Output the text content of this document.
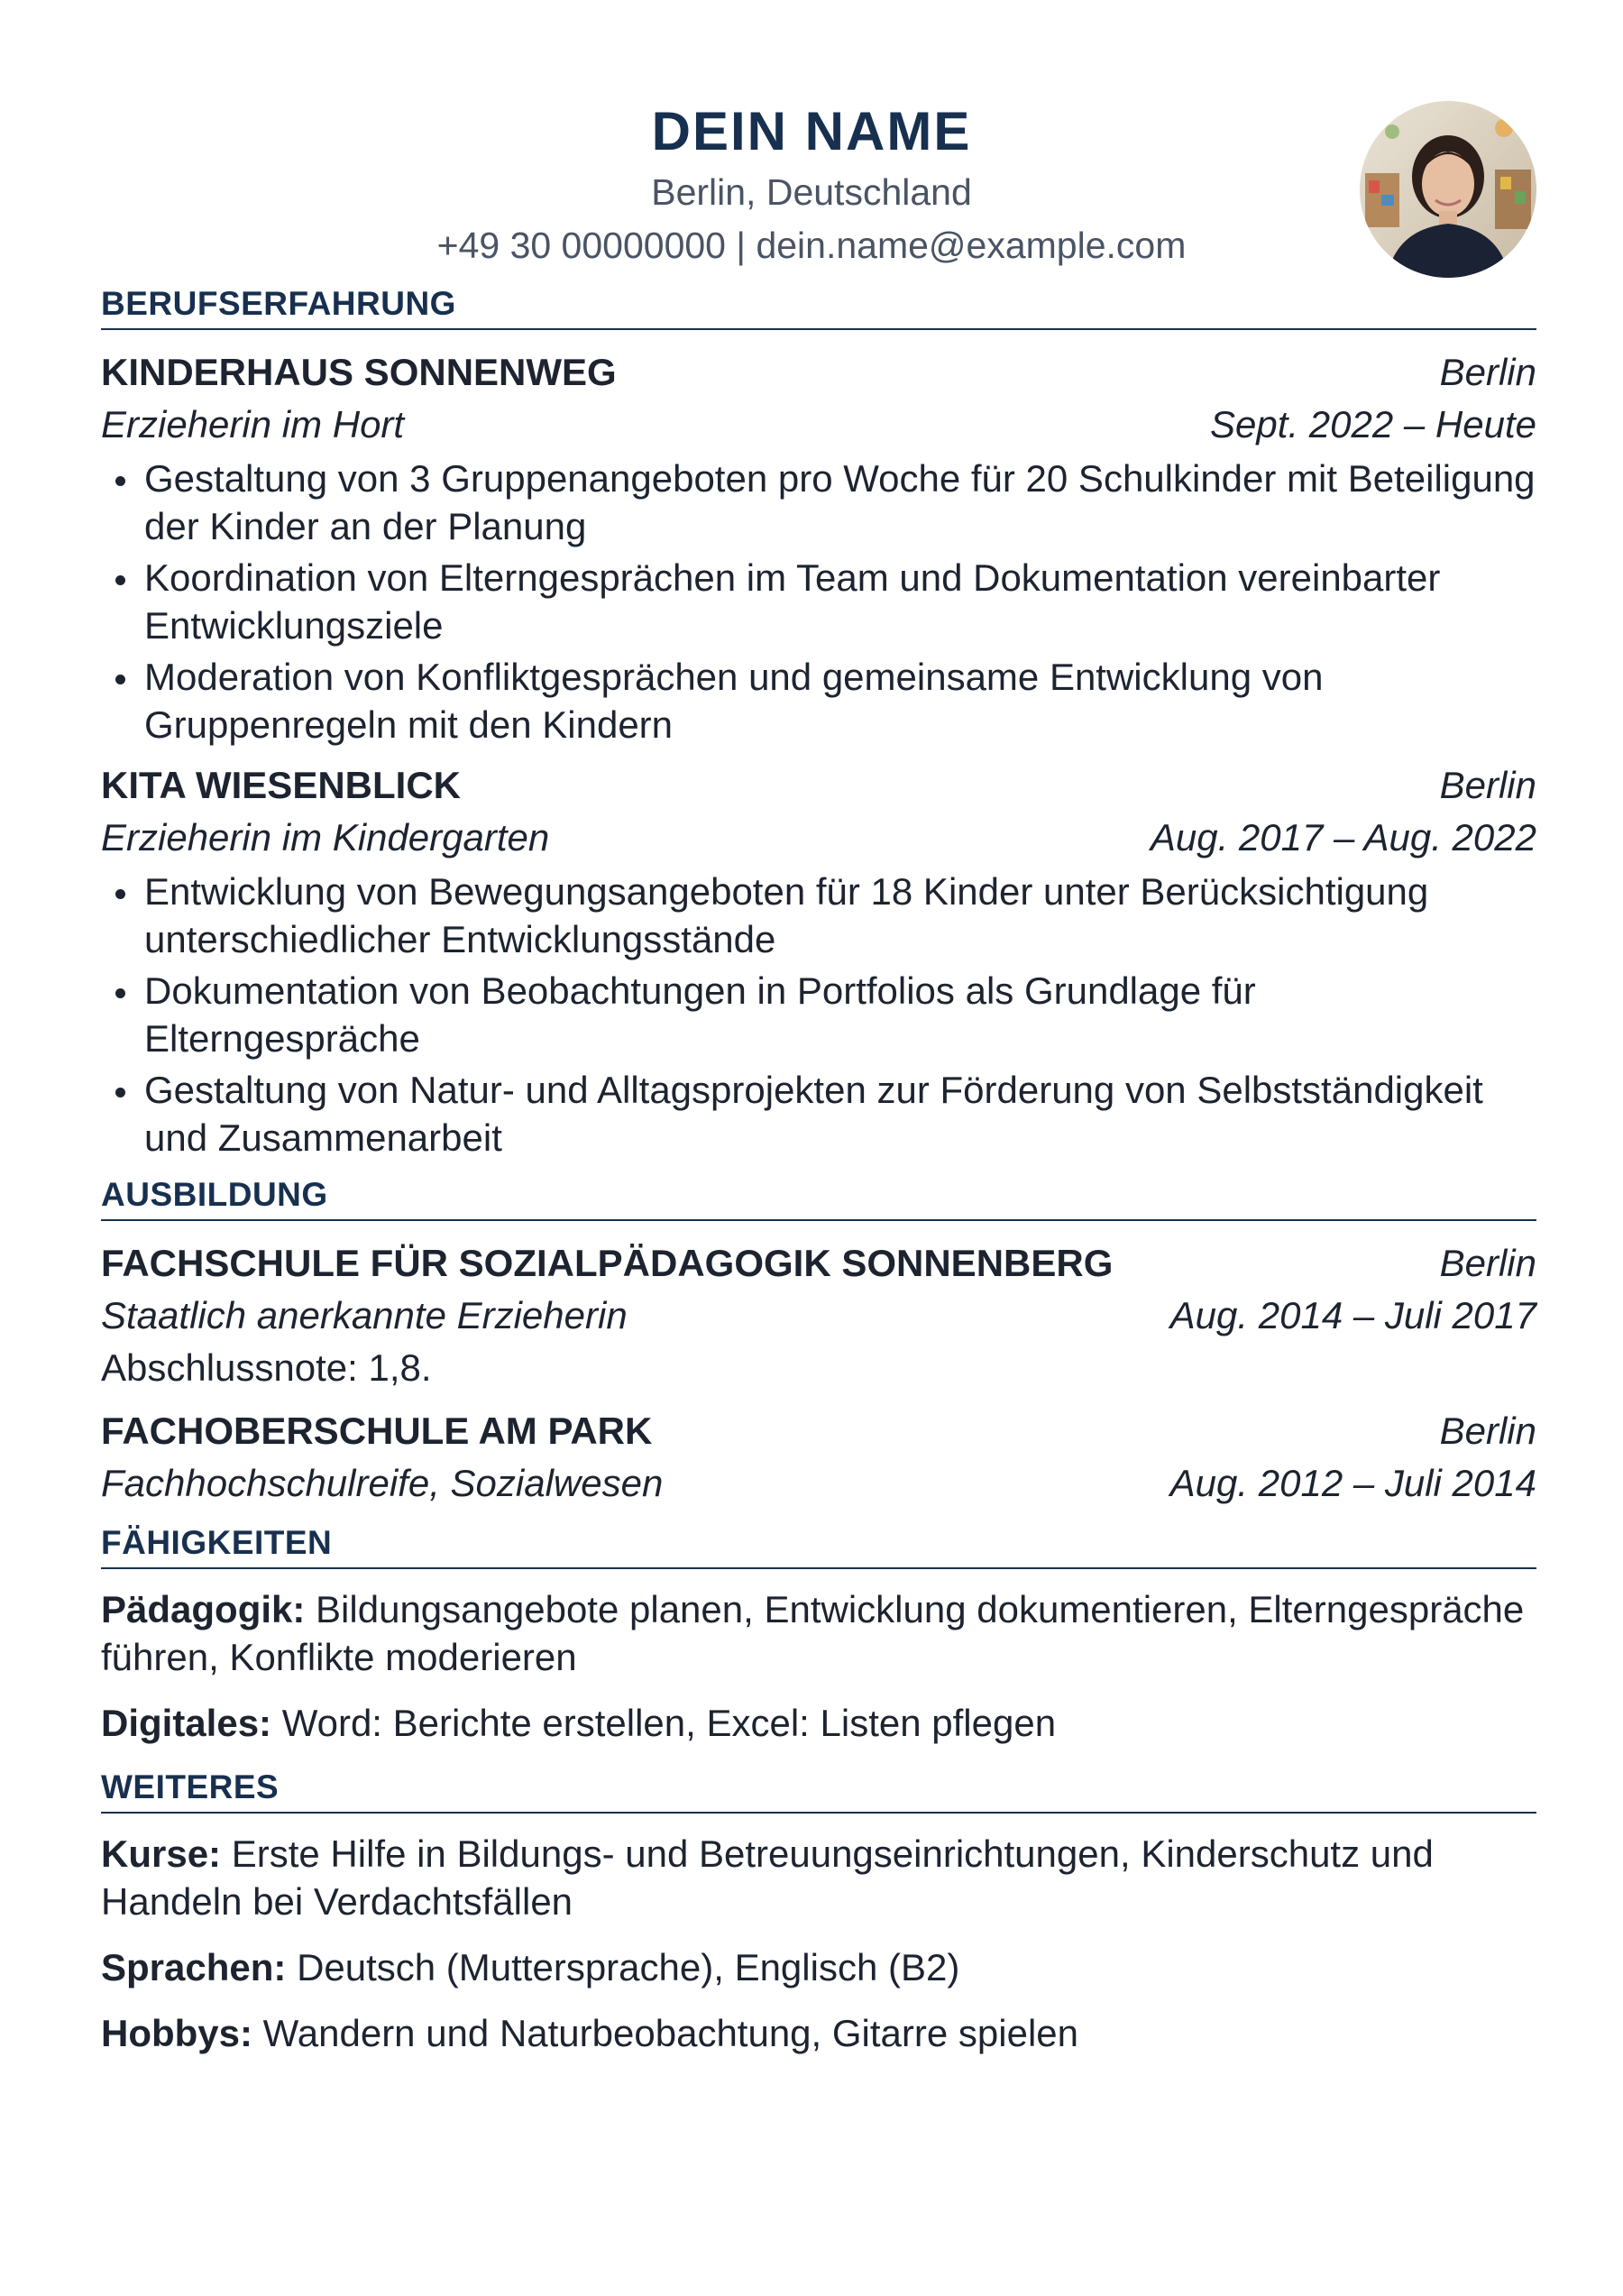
DEIN NAME
Berlin, Deutschland
+49 30 00000000 | dein.name@example.com
BERUFSERFAHRUNG
KINDERHAUS SONNENWEG	Berlin
Erzieherin im Hort	Sept. 2022 – Heute
Gestaltung von 3 Gruppenangeboten pro Woche für 20 Schulkinder mit Beteiligung der Kinder an der Planung
Koordination von Elterngesprächen im Team und Dokumentation vereinbarter Entwicklungsziele
Moderation von Konfliktgesprächen und gemeinsame Entwicklung von Gruppenregeln mit den Kindern
KITA WIESENBLICK	Berlin
Erzieherin im Kindergarten	Aug. 2017 – Aug. 2022
Entwicklung von Bewegungsangeboten für 18 Kinder unter Berücksichtigung unterschiedlicher Entwicklungsstände
Dokumentation von Beobachtungen in Portfolios als Grundlage für Elterngespräche
Gestaltung von Natur- und Alltagsprojekten zur Förderung von Selbstständigkeit und Zusammenarbeit
AUSBILDUNG
FACHSCHULE FÜR SOZIALPÄDAGOGIK SONNENBERG	Berlin
Staatlich anerkannte Erzieherin	Aug. 2014 – Juli 2017
Abschlussnote: 1,8.
FACHOBERSCHULE AM PARK	Berlin
Fachhochschulreife, Sozialwesen	Aug. 2012 – Juli 2014
FÄHIGKEITEN
Pädagogik: Bildungsangebote planen, Entwicklung dokumentieren, Elterngespräche führen, Konflikte moderieren
Digitales: Word: Berichte erstellen, Excel: Listen pflegen
WEITERES
Kurse: Erste Hilfe in Bildungs- und Betreuungseinrichtungen, Kinderschutz und Handeln bei Verdachtsfällen
Sprachen: Deutsch (Muttersprache), Englisch (B2)
Hobbys: Wandern und Naturbeobachtung, Gitarre spielen
